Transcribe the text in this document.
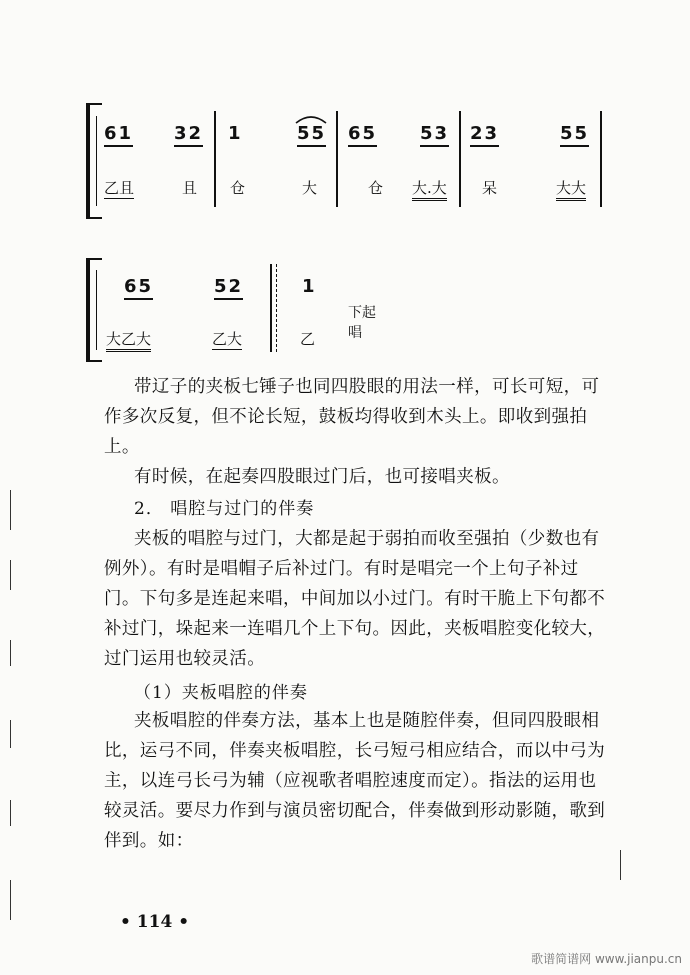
61 32 1	55 65 53 23	55
乙且	且 仓	大	仓 大.大 呆	大大
65	52	1
大乙大	乙大	乙
下起唱
带辽子的夹板七锤子也同四股眼的用法一样，可长可短，可作多次反复，但不论长短，鼓板均得收到木头上。即收到强拍上。
有时候，在起奏四股眼过门后，也可接唱夹板。
2． 唱腔与过门的伴奏
夹板的唱腔与过门，大都是起于弱拍而收至强拍（少数也有例外）。有时是唱帽子后补过门。有时是唱完一个上句子补过门。下句多是连起来唱，中间加以小过门。有时干脆上下句都不补过门，垛起来一连唱几个上下句。因此，夹板唱腔变化较大，过门运用也较灵活。
（1）夹板唱腔的伴奏
夹板唱腔的伴奏方法，基本上也是随腔伴奏，但同四股眼相比，运弓不同，伴奏夹板唱腔，长弓短弓相应结合，而以中弓为主，以连弓长弓为辅（应视歌者唱腔速度而定）。指法的运用也较灵活。要尽力作到与演员密切配合，伴奏做到形动影随，歌到伴到。如：
• 114 •
歌谱简谱网 www.jianpu.cn
